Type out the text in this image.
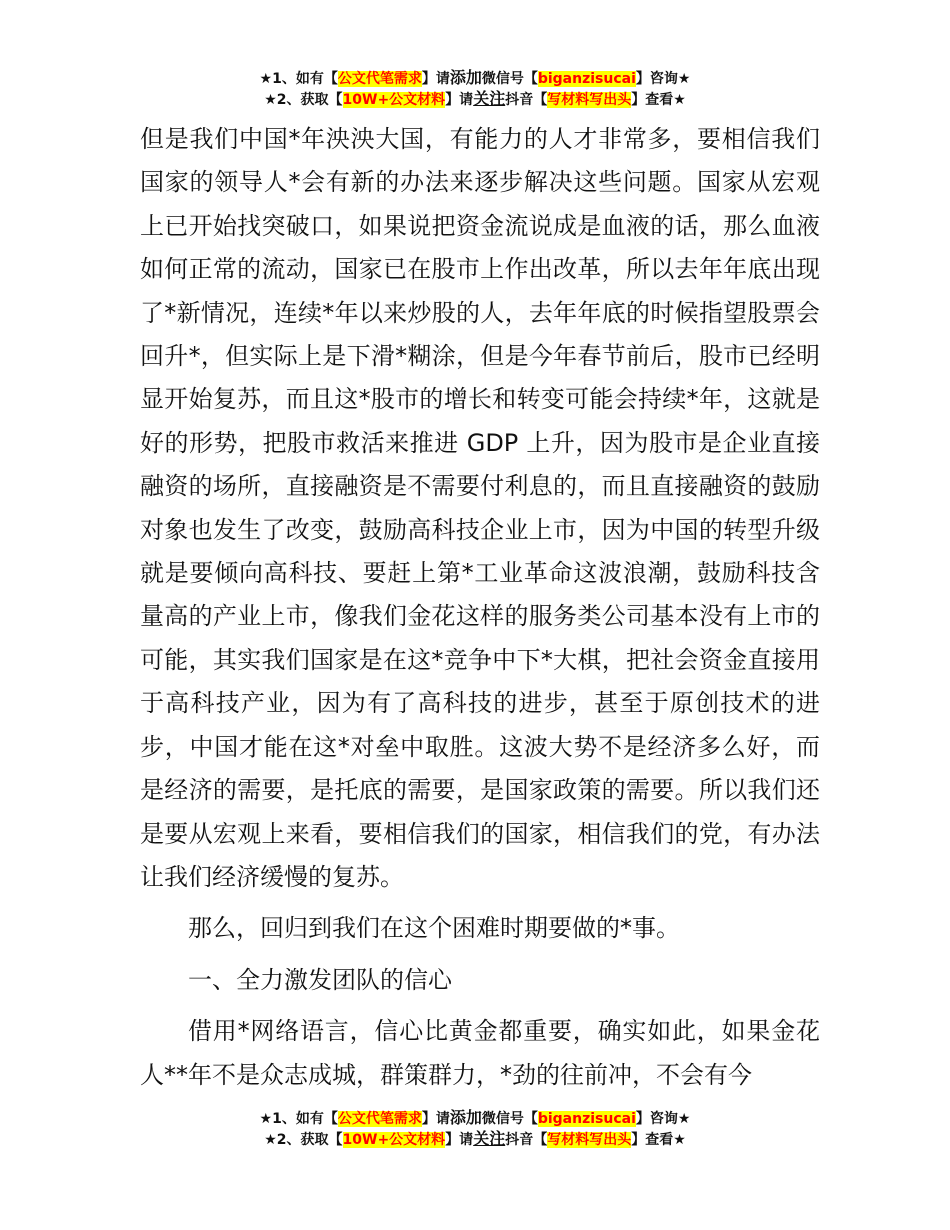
★1、如有【公文代笔需求】请添加微信号【biganzisucai】咨询★
★2、获取【10W+公文材料】请关注抖音【写材料写出头】查看★

但是我们中国*年泱泱大国，有能力的人才非常多，要相信我们国家的领导人*会有新的办法来逐步解决这些问题。国家从宏观上已开始找突破口，如果说把资金流说成是血液的话，那么血液如何正常的流动，国家已在股市上作出改革，所以去年年底出现了*新情况，连续*年以来炒股的人，去年年底的时候指望股票会回升*，但实际上是下滑*糊涂，但是今年春节前后，股市已经明显开始复苏，而且这*股市的增长和转变可能会持续*年，这就是好的形势，把股市救活来推进 GDP 上升，因为股市是企业直接融资的场所，直接融资是不需要付利息的，而且直接融资的鼓励对象也发生了改变，鼓励高科技企业上市，因为中国的转型升级就是要倾向高科技、要赶上第*工业革命这波浪潮，鼓励科技含量高的产业上市，像我们金花这样的服务类公司基本没有上市的可能，其实我们国家是在这*竞争中下*大棋，把社会资金直接用于高科技产业，因为有了高科技的进步，甚至于原创技术的进步，中国才能在这*对垒中取胜。这波大势不是经济多么好，而是经济的需要，是托底的需要，是国家政策的需要。所以我们还是要从宏观上来看，要相信我们的国家，相信我们的党，有办法让我们经济缓慢的复苏。

那么，回归到我们在这个困难时期要做的*事。

一、全力激发团队的信心

借用*网络语言，信心比黄金都重要，确实如此，如果金花人**年不是众志成城，群策群力，*劲的往前冲，不会有今

★1、如有【公文代笔需求】请添加微信号【biganzisucai】咨询★
★2、获取【10W+公文材料】请关注抖音【写材料写出头】查看★
